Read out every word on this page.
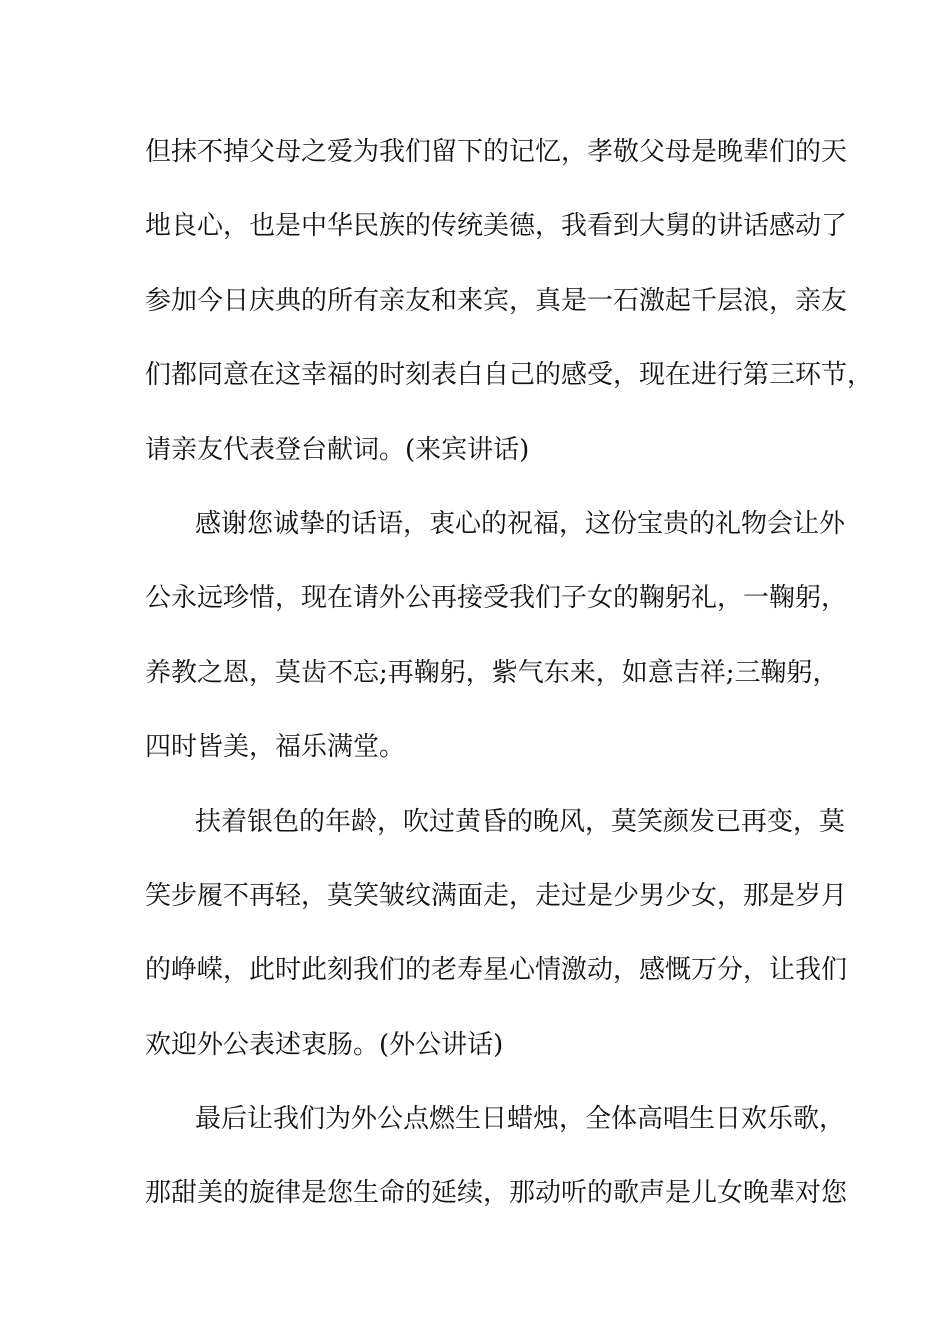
但抹不掉父母之爱为我们留下的记忆，孝敬父母是晚辈们的天
地良心，也是中华民族的传统美德，我看到大舅的讲话感动了
参加今日庆典的所有亲友和来宾，真是一石激起千层浪，亲友
们都同意在这幸福的时刻表白自己的感受，现在进行第三环节，
请亲友代表登台献词。(来宾讲话)
感谢您诚挚的话语，衷心的祝福，这份宝贵的礼物会让外
公永远珍惜，现在请外公再接受我们子女的鞠躬礼，一鞠躬，
养教之恩，莫齿不忘;再鞠躬，紫气东来，如意吉祥;三鞠躬，
四时皆美，福乐满堂。
扶着银色的年龄，吹过黄昏的晚风，莫笑颜发已再变，莫
笑步履不再轻，莫笑皱纹满面走，走过是少男少女，那是岁月
的峥嵘，此时此刻我们的老寿星心情激动，感慨万分，让我们
欢迎外公表述衷肠。(外公讲话)
最后让我们为外公点燃生日蜡烛，全体高唱生日欢乐歌，
那甜美的旋律是您生命的延续，那动听的歌声是儿女晚辈对您
